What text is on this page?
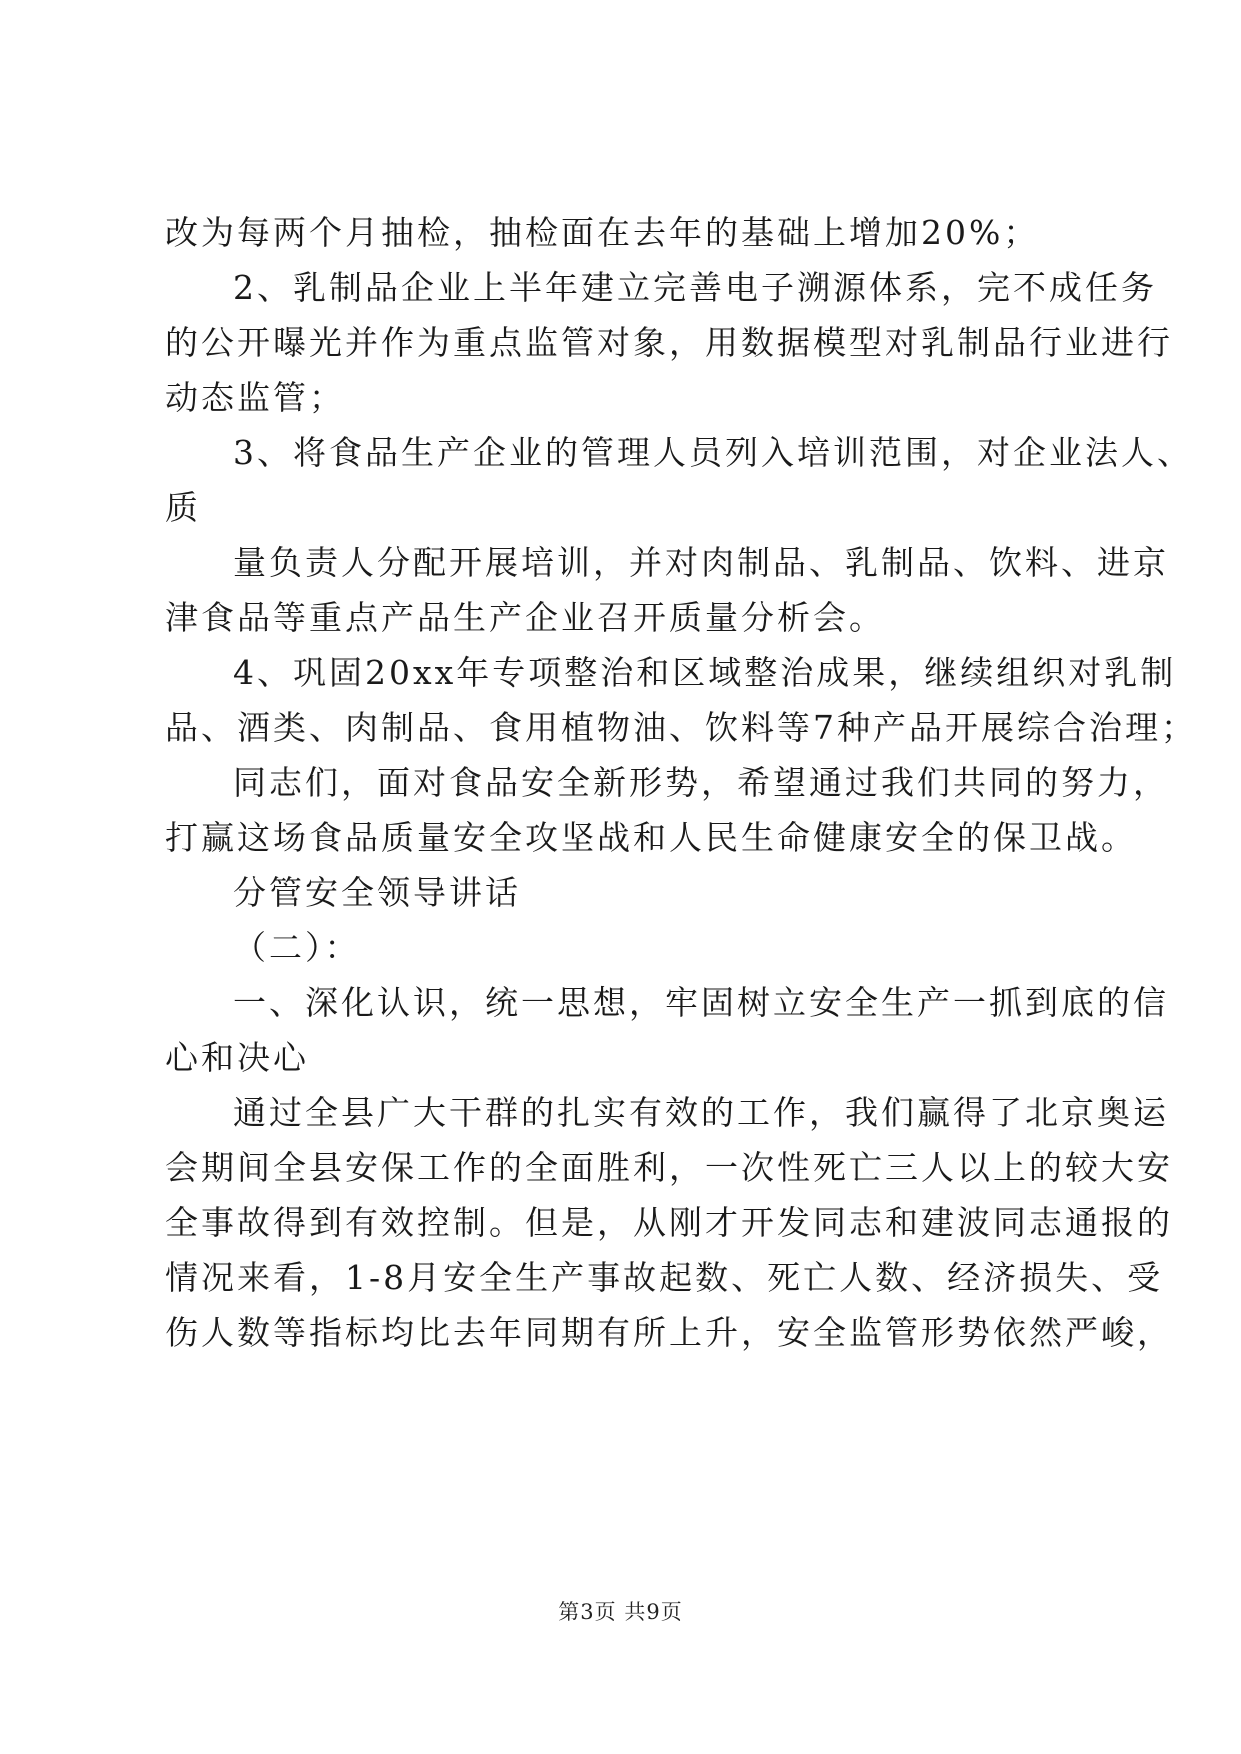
改为每两个月抽检，抽检面在去年的基础上增加20%；
2、乳制品企业上半年建立完善电子溯源体系，完不成任务
的公开曝光并作为重点监管对象，用数据模型对乳制品行业进行
动态监管；
3、将食品生产企业的管理人员列入培训范围，对企业法人、
质
量负责人分配开展培训，并对肉制品、乳制品、饮料、进京
津食品等重点产品生产企业召开质量分析会。
4、巩固20xx年专项整治和区域整治成果，继续组织对乳制
品、酒类、肉制品、食用植物油、饮料等7种产品开展综合治理；
同志们，面对食品安全新形势，希望通过我们共同的努力，
打赢这场食品质量安全攻坚战和人民生命健康安全的保卫战。
分管安全领导讲话
（二）：
一、深化认识，统一思想，牢固树立安全生产一抓到底的信
心和决心
通过全县广大干群的扎实有效的工作，我们赢得了北京奥运
会期间全县安保工作的全面胜利，一次性死亡三人以上的较大安
全事故得到有效控制。但是，从刚才开发同志和建波同志通报的
情况来看，1-8月安全生产事故起数、死亡人数、经济损失、受
伤人数等指标均比去年同期有所上升，安全监管形势依然严峻，
第3页 共9页
